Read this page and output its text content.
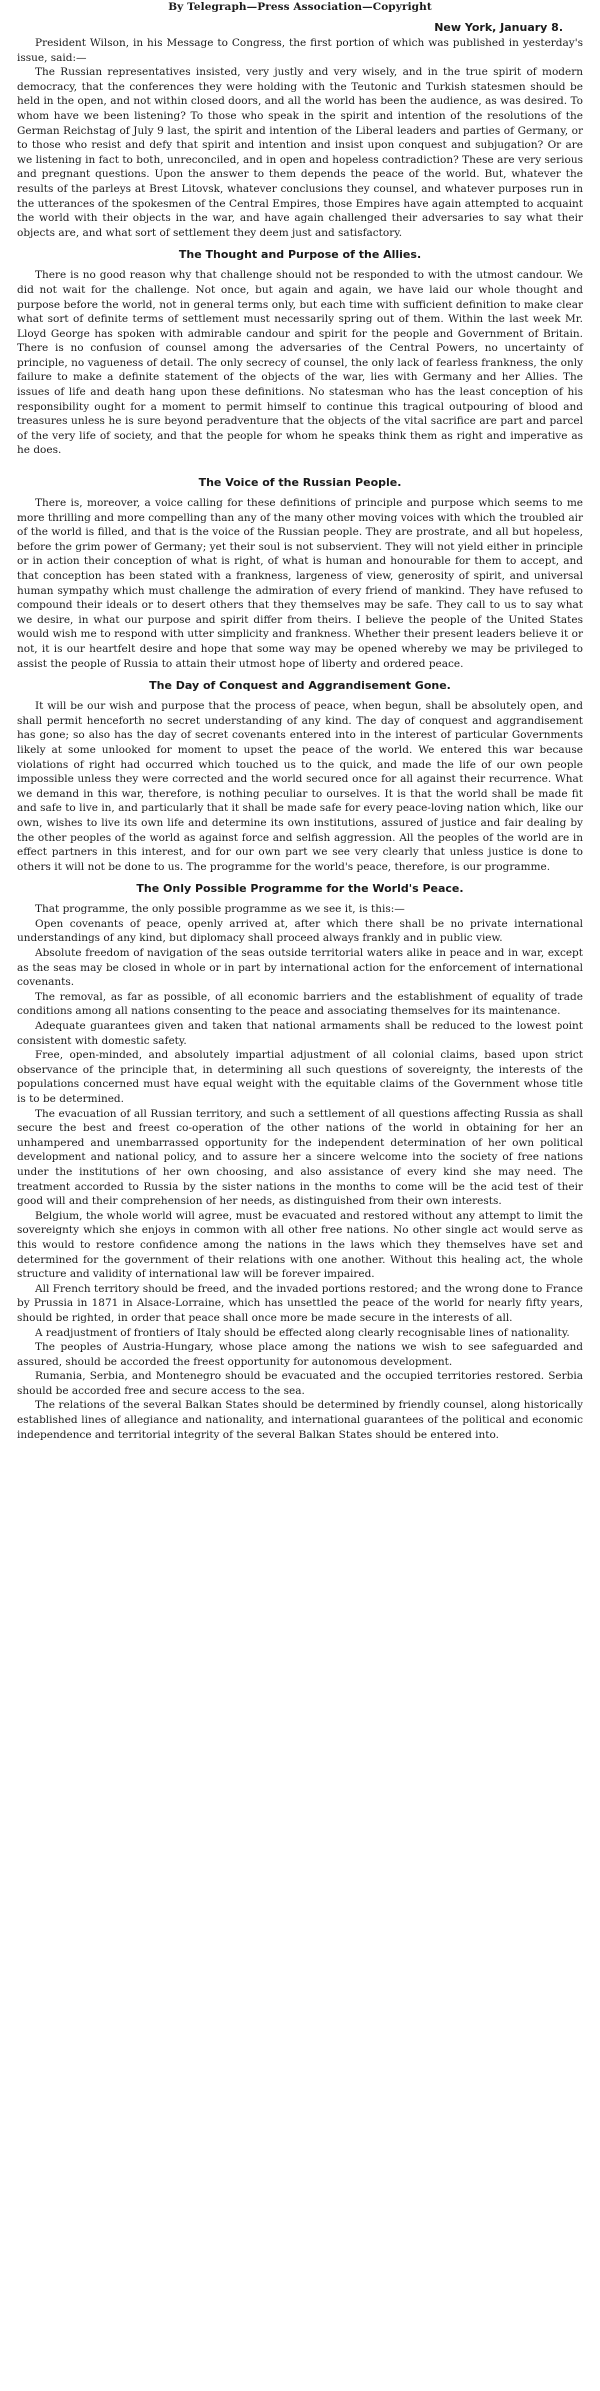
By Telegraph—Press Association—Copyright
New York, January 8.

President Wilson, in his Message to Congress, the first portion of which was published in yesterday's issue, said:—

The Russian representatives insisted, very justly and very wisely, and in the true spirit of modern democracy, that the conferences they were holding with the Teutonic and Turkish statesmen should be held in the open, and not within closed doors, and all the world has been the audience, as was desired. To whom have we been listening? To those who speak in the spirit and intention of the resolutions of the German Reichstag of July 9 last, the spirit and intention of the Liberal leaders and parties of Germany, or to those who resist and defy that spirit and intention and insist upon conquest and subjugation? Or are we listening in fact to both, unreconciled, and in open and hopeless contradiction? These are very serious and pregnant questions. Upon the answer to them depends the peace of the world. But, whatever the results of the parleys at Brest Litovsk, whatever conclusions they counsel, and whatever purposes run in the utterances of the spokesmen of the Central Empires, those Empires have again attempted to acquaint the world with their objects in the war, and have again challenged their adversaries to say what their objects are, and what sort of settlement they deem just and satisfactory.

The Thought and Purpose of the Allies.

There is no good reason why that challenge should not be responded to with the utmost candour. We did not wait for the challenge. Not once, but again and again, we have laid our whole thought and purpose before the world, not in general terms only, but each time with sufficient definition to make clear what sort of definite terms of settlement must necessarily spring out of them. Within the last week Mr. Lloyd George has spoken with admirable candour and spirit for the people and Government of Britain. There is no confusion of counsel among the adversaries of the Central Powers, no uncertainty of principle, no vagueness of detail. The only secrecy of counsel, the only lack of fearless frankness, the only failure to make a definite statement of the objects of the war, lies with Germany and her Allies. The issues of life and death hang upon these definitions. No statesman who has the least conception of his responsibility ought for a moment to permit himself to continue this tragical outpouring of blood and treasures unless he is sure beyond peradventure that the objects of the vital sacrifice are part and parcel of the very life of society, and that the people for whom he speaks think them as right and imperative as he does.

The Voice of the Russian People.

There is, moreover, a voice calling for these definitions of principle and purpose which seems to me more thrilling and more compelling than any of the many other moving voices with which the troubled air of the world is filled, and that is the voice of the Russian people. They are prostrate, and all but hopeless, before the grim power of Germany; yet their soul is not subservient. They will not yield either in principle or in action their conception of what is right, of what is human and honourable for them to accept, and that conception has been stated with a frankness, largeness of view, generosity of spirit, and universal human sympathy which must challenge the admiration of every friend of mankind. They have refused to compound their ideals or to desert others that they themselves may be safe. They call to us to say what we desire, in what our purpose and spirit differ from theirs. I believe the people of the United States would wish me to respond with utter simplicity and frankness. Whether their present leaders believe it or not, it is our heartfelt desire and hope that some way may be opened whereby we may be privileged to assist the people of Russia to attain their utmost hope of liberty and ordered peace.

The Day of Conquest and Aggrandisement Gone.

It will be our wish and purpose that the process of peace, when begun, shall be absolutely open, and shall permit henceforth no secret understanding of any kind. The day of conquest and aggrandisement has gone; so also has the day of secret covenants entered into in the interest of particular Governments likely at some unlooked for moment to upset the peace of the world. We entered this war because violations of right had occurred which touched us to the quick, and made the life of our own people impossible unless they were corrected and the world secured once for all against their recurrence. What we demand in this war, therefore, is nothing peculiar to ourselves. It is that the world shall be made fit and safe to live in, and particularly that it shall be made safe for every peace-loving nation which, like our own, wishes to live its own life and determine its own institutions, assured of justice and fair dealing by the other peoples of the world as against force and selfish aggression. All the peoples of the world are in effect partners in this interest, and for our own part we see very clearly that unless justice is done to others it will not be done to us. The programme for the world's peace, therefore, is our programme.

The Only Possible Programme for the World's Peace.

That programme, the only possible programme as we see it, is this:—

Open covenants of peace, openly arrived at, after which there shall be no private international understandings of any kind, but diplomacy shall proceed always frankly and in public view.

Absolute freedom of navigation of the seas outside territorial waters alike in peace and in war, except as the seas may be closed in whole or in part by international action for the enforcement of international covenants.

The removal, as far as possible, of all economic barriers and the establishment of equality of trade conditions among all nations consenting to the peace and associating themselves for its maintenance.

Adequate guarantees given and taken that national armaments shall be reduced to the lowest point consistent with domestic safety.

Free, open-minded, and absolutely impartial adjustment of all colonial claims, based upon strict observance of the principle that, in determining all such questions of sovereignty, the interests of the populations concerned must have equal weight with the equitable claims of the Government whose title is to be determined.

The evacuation of all Russian territory, and such a settlement of all questions affecting Russia as shall secure the best and freest co-operation of the other nations of the world in obtaining for her an unhampered and unembarrassed opportunity for the independent determination of her own political development and national policy, and to assure her a sincere welcome into the society of free nations under the institutions of her own choosing, and also assistance of every kind she may need. The treatment accorded to Russia by the sister nations in the months to come will be the acid test of their good will and their comprehension of her needs, as distinguished from their own interests.

Belgium, the whole world will agree, must be evacuated and restored without any attempt to limit the sovereignty which she enjoys in common with all other free nations. No other single act would serve as this would to restore confidence among the nations in the laws which they themselves have set and determined for the government of their relations with one another. Without this healing act, the whole structure and validity of international law will be forever impaired.

All French territory should be freed, and the invaded portions restored; and the wrong done to France by Prussia in 1871 in Alsace-Lorraine, which has unsettled the peace of the world for nearly fifty years, should be righted, in order that peace shall once more be made secure in the interests of all.

A readjustment of frontiers of Italy should be effected along clearly recognisable lines of nationality.

The peoples of Austria-Hungary, whose place among the nations we wish to see safeguarded and assured, should be accorded the freest opportunity for autonomous development.

Rumania, Serbia, and Montenegro should be evacuated and the occupied territories restored. Serbia should be accorded free and secure access to the sea.

The relations of the several Balkan States should be determined by friendly counsel, along historically established lines of allegiance and nationality, and international guarantees of the political and economic independence and territorial integrity of the several Balkan States should be entered into.
